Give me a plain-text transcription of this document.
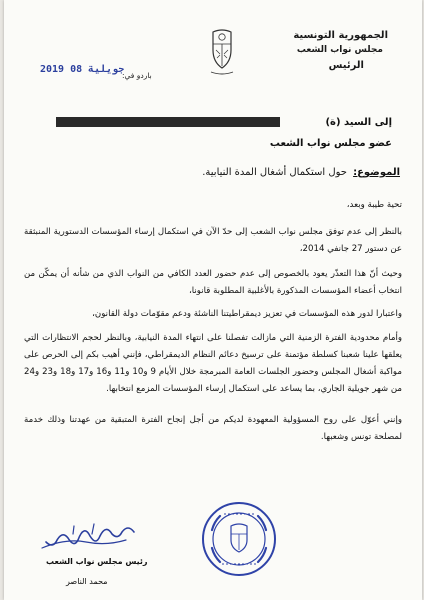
الجمهورية التونسية
مجلس نواب الشعب
الرئيس
باردو في:
2019 جويلية 08
إلى السيد (ة)
عضو مجلس نواب الشعب
الموضوع:
حول استكمال أشغال المدة النيابية.
تحية طيبة وبعد،
بالنظر إلى عدم توفق مجلس نواب الشعب إلى حدّ الآن في استكمال إرساء المؤسسات الدستورية المنبثقة عن دستور 27 جانفي 2014،
وحيث أنّ هذا التعذّر يعود بالخصوص إلى عدم حضور العدد الكافي من النواب الذي من شأنه أن يمكّن من انتخاب أعضاء المؤسسات المذكورة بالأغلبية المطلوبة قانونا،
واعتبارا لدور هذه المؤسسات في تعزيز ديمقراطيتنا الناشئة ودعم مقوّمات دولة القانون،
وأمام محدودية الفترة الزمنية التي مازالت تفصلنا على انتهاء المدة النيابية، وبالنظر لحجم الانتظارات التي يعلقها علينا شعبنا كسلطة مؤتمنة على ترسيخ دعائم النظام الديمقراطي، فإنني أهيب بكم إلى الحرص على مواكبة أشغال المجلس وحضور الجلسات العامة المبرمجة خلال الأيام 9 و10 و11 و16 و17 و18 و23 و24 من شهر جويلية الجاري، بما يساعد على استكمال إرساء المؤسسات المزمع انتخابها.
وإنني أعوّل على روح المسؤولية المعهودة لديكم من أجل إنجاح الفترة المتبقية من عهدتنا وذلك خدمة لمصلحة تونس وشعبها.
رئيس مجلس نواب الشعب
محمد الناصر
